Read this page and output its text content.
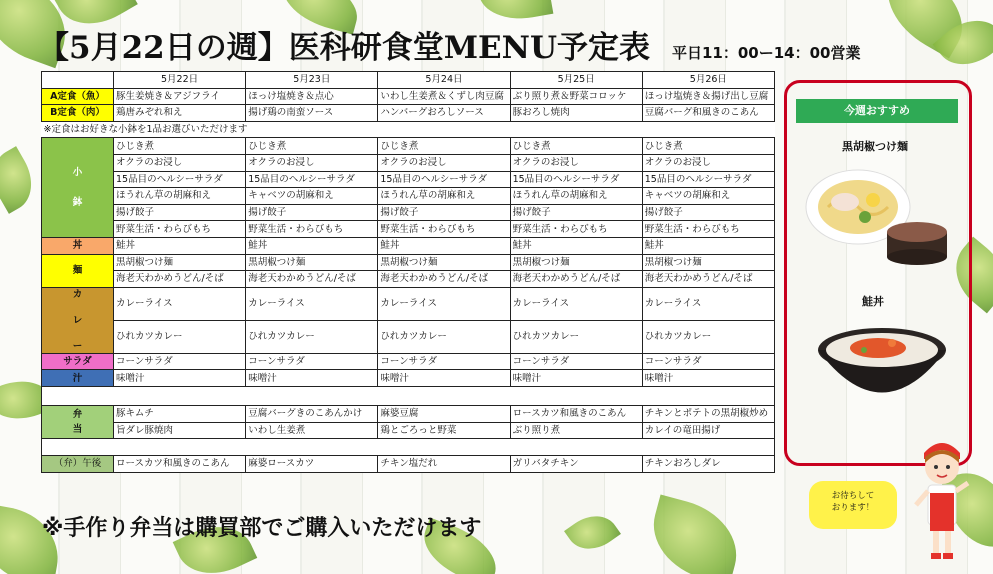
【5月22日の週】医科研食堂MENU予定表 平日11：00ー14：00営業
	5月22日	5月23日	5月24日	5月25日	5月26日
A定食（魚）	豚生姜焼き＆アジフライ	ほっけ塩焼き＆点心	いわし生姜煮＆くずし肉豆腐	ぶり照り煮＆野菜コロッケ	ほっけ塩焼き＆揚げ出し豆腐
B定食（肉）	鶏唐みぞれ和え	揚げ鶏の南蛮ソース	ハンバーグおろしソース	豚おろし焼肉	豆腐バーグ和風きのこあん
※定食はお好きな小鉢を1品お選びいただけます					
小

鉢	ひじき煮	ひじき煮	ひじき煮	ひじき煮	ひじき煮
	オクラのお浸し	オクラのお浸し	オクラのお浸し	オクラのお浸し	オクラのお浸し
	15品目のヘルシーサラダ	15品目のヘルシーサラダ	15品目のヘルシーサラダ	15品目のヘルシーサラダ	15品目のヘルシーサラダ
	ほうれん草の胡麻和え	キャベツの胡麻和え	ほうれん草の胡麻和え	ほうれん草の胡麻和え	キャベツの胡麻和え
	揚げ餃子	揚げ餃子	揚げ餃子	揚げ餃子	揚げ餃子
	野菜生活・わらびもち	野菜生活・わらびもち	野菜生活・わらびもち	野菜生活・わらびもち	野菜生活・わらびもち
丼	鮭丼	鮭丼	鮭丼	鮭丼	鮭丼
麺	黒胡椒つけ麺	黒胡椒つけ麺	黒胡椒つけ麺	黒胡椒つけ麺	黒胡椒つけ麺
	海老天わかめうどん/そば	海老天わかめうどん/そば	海老天わかめうどん/そば	海老天わかめうどん/そば	海老天わかめうどん/そば
カ

レ

ー	カレーライス	カレーライス	カレーライス	カレーライス	カレーライス
	ひれカツカレー	ひれカツカレー	ひれカツカレー	ひれカツカレー	ひれカツカレー
サラダ	コーンサラダ	コーンサラダ	コーンサラダ	コーンサラダ	コーンサラダ
汁	味噌汁	味噌汁	味噌汁	味噌汁	味噌汁

弁
当	豚キムチ	豆腐バーグきのこあんかけ	麻婆豆腐	ロースカツ和風きのこあん	チキンとポテトの黒胡椒炒め
	旨ダレ豚焼肉	いわし生姜煮	鶏とごろっと野菜	ぶり照り煮	カレイの竜田揚げ

（弁）午後	ロースカツ和風きのこあん	麻婆ロースカツ	チキン塩だれ	ガリバタチキン	チキンおろしダレ
今週おすすめ
黒胡椒つけ麺
鮭丼
お待ちして
おります！
※手作り弁当は購買部でご購入いただけます
